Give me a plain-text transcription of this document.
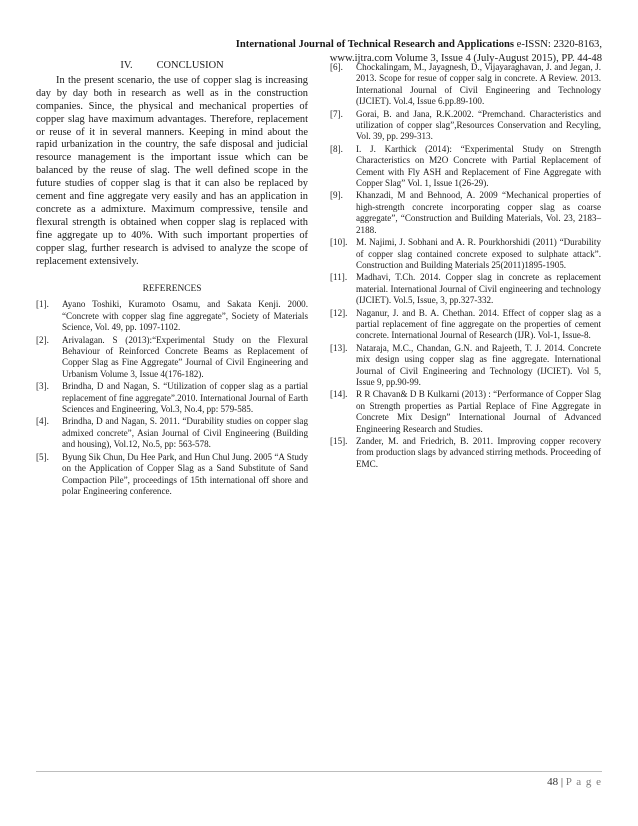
International Journal of Technical Research and Applications e-ISSN: 2320-8163,
www.ijtra.com Volume 3, Issue 4 (July-August 2015), PP. 44-48
IV. CONCLUSION

In the present scenario, the use of copper slag is increasing day by day both in research as well as in the construction companies. Since, the physical and mechanical properties of copper slag have maximum advantages. Therefore, replacement or reuse of it in several manners. Keeping in mind about the rapid urbanization in the country, the safe disposal and judicial resource management is the important issue which can be balanced by the reuse of slag. The well defined scope in the future studies of copper slag is that it can also be replaced by cement and fine aggregate very easily and has an application in concrete as a admixture. Maximum compressive, tensile and flexural strength is obtained when copper slag is replaced with fine aggregate up to 40%. With such important properties of copper slag, further research is advised to analyze the scope of replacement extensively.

REFERENCES
[1].	Ayano Toshiki, Kuramoto Osamu, and Sakata Kenji. 2000. “Concrete with copper slag fine aggregate”, Society of Materials Science, Vol. 49, pp. 1097-1102.
[2].	Arivalagan. S (2013):“Experimental Study on the Flexural Behaviour of Reinforced Concrete Beams as Replacement of Copper Slag as Fine Aggregate” Journal of Civil Engineering and Urbanism Volume 3, Issue 4(176-182).
[3].	Brindha, D and Nagan, S. “Utilization of copper slag as a partial replacement of fine aggregate”.2010. International Journal of Earth Sciences and Engineering, Vol.3, No.4, pp: 579-585.
[4].	Brindha, D and Nagan, S. 2011. “Durability studies on copper slag admixed concrete”, Asian Journal of Civil Engineering (Building and housing), Vol.12, No.5, pp: 563-578.
[5].	Byung Sik Chun, Du Hee Park, and Hun Chul Jung. 2005 “A Study on the Application of Copper Slag as a Sand Substitute of Sand Compaction Pile”, proceedings of 15th international off shore and polar Engineering conference.
[6].	Chockalingam, M., Jayagnesh, D., Vijayaraghavan, J. and Jegan, J. 2013. Scope for resue of copper salg in concrete. A Review. 2013. International Journal of Civil Engineering and Technology (IJCIET). Vol.4, Issue 6.pp.89-100.
[7].	Gorai, B. and Jana, R.K.2002. “Premchand. Characteristics and utilization of copper slag”,Resources Conservation and Recyling, Vol. 39, pp. 299-313.
[8].	I. J. Karthick (2014): “Experimental Study on Strength Characteristics on M2O Concrete with Partial Replacement of Cement with Fly ASH and Replacement of Fine Aggregate with Copper Slag” Vol. 1, Issue 1(26-29).
[9].	Khanzadi, M and Behnood, A. 2009 “Mechanical properties of high-strength concrete incorporating copper slag as coarse aggregate”, “Construction and Building Materials, Vol. 23, 2183–2188.
[10]. M. Najimi, J. Sobhani and A. R. Pourkhorshidi (2011) “Durability of copper slag contained concrete exposed to sulphate attack”. Construction and Building Materials 25(2011)1895-1905.
[11]. Madhavi, T.Ch. 2014. Copper slag in concrete as replacement material. International Journal of Civil engineering and technology (IJCIET). Vol.5, Issue, 3, pp.327-332.
[12]. Naganur, J. and B. A. Chethan. 2014. Effect of copper slag as a partial replacement of fine aggregate on the properties of cement concrete. International Journal of Research (IJR). Vol-1, Issue-8.
[13]. Nataraja, M.C., Chandan, G.N. and Rajeeth, T. J. 2014. Concrete mix design using copper slag as fine aggregate. International Journal of Civil Engineering and Technology (IJCIET). Vol 5, Issue 9, pp.90-99.
[14]. R R Chavan& D B Kulkarni (2013) : “Performance of Copper Slag on Strength properties as Partial Replace of Fine Aggregate in Concrete Mix Design” International Journal of Advanced Engineering Research and Studies.
[15]. Zander, M. and Friedrich, B. 2011. Improving copper recovery from production slags by advanced stirring methods. Proceeding of EMC.
48 | P a g e
